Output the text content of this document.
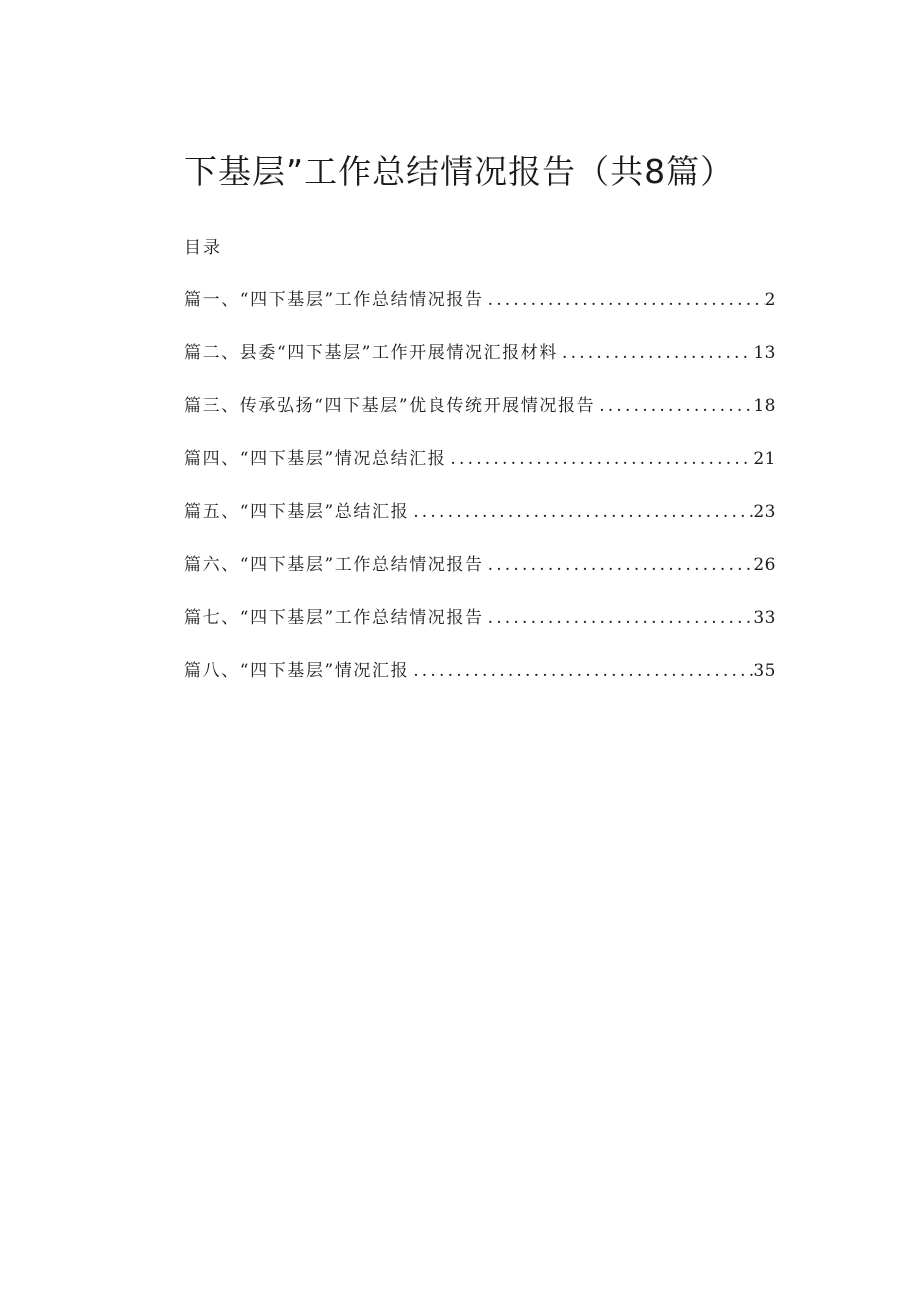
下基层”工作总结情况报告（共8篇）
目录
篇一、“四下基层”工作总结情况报告 .....	2
篇二、县委“四下基层”工作开展情况汇报材料 .....	13
篇三、传承弘扬“四下基层”优良传统开展情况报告 .....	18
篇四、“四下基层”情况总结汇报 .....	21
篇五、“四下基层”总结汇报 .....	23
篇六、“四下基层”工作总结情况报告 .....	26
篇七、“四下基层”工作总结情况报告 .....	33
篇八、“四下基层”情况汇报 .....	35
